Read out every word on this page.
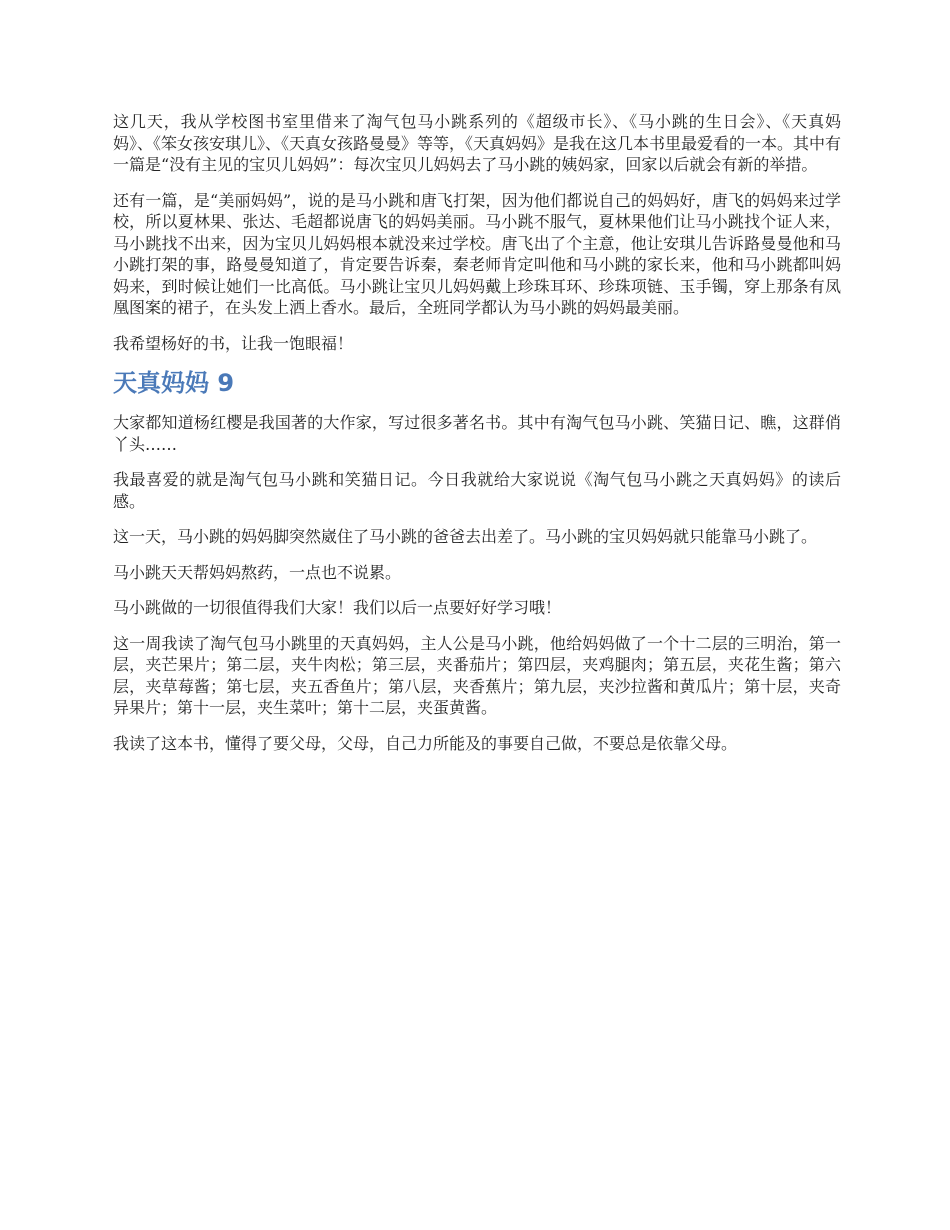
这几天，我从学校图书室里借来了淘气包马小跳系列的《超级市长》、《马小跳的生日会》、《天真妈妈》、《笨女孩安琪儿》、《天真女孩路曼曼》等等，《天真妈妈》是我在这几本书里最爱看的一本。其中有一篇是“没有主见的宝贝儿妈妈”：每次宝贝儿妈妈去了马小跳的姨妈家，回家以后就会有新的举措。

还有一篇，是“美丽妈妈”，说的是马小跳和唐飞打架，因为他们都说自己的妈妈好，唐飞的妈妈来过学校，所以夏林果、张达、毛超都说唐飞的妈妈美丽。马小跳不服气，夏林果他们让马小跳找个证人来，马小跳找不出来，因为宝贝儿妈妈根本就没来过学校。唐飞出了个主意，他让安琪儿告诉路曼曼他和马小跳打架的事，路曼曼知道了，肯定要告诉秦，秦老师肯定叫他和马小跳的家长来，他和马小跳都叫妈妈来，到时候让她们一比高低。马小跳让宝贝儿妈妈戴上珍珠耳环、珍珠项链、玉手镯，穿上那条有凤凰图案的裙子，在头发上洒上香水。最后，全班同学都认为马小跳的妈妈最美丽。

我希望杨好的书，让我一饱眼福！

天真妈妈 9

大家都知道杨红樱是我国著的大作家，写过很多著名书。其中有淘气包马小跳、笑猫日记、瞧，这群俏丫头……

我最喜爱的就是淘气包马小跳和笑猫日记。今日我就给大家说说《淘气包马小跳之天真妈妈》的读后感。

这一天，马小跳的妈妈脚突然崴住了马小跳的爸爸去出差了。马小跳的宝贝妈妈就只能靠马小跳了。

马小跳天天帮妈妈熬药，一点也不说累。

马小跳做的一切很值得我们大家！我们以后一点要好好学习哦！

这一周我读了淘气包马小跳里的天真妈妈，主人公是马小跳，他给妈妈做了一个十二层的三明治，第一层，夹芒果片；第二层，夹牛肉松；第三层，夹番茄片；第四层，夹鸡腿肉；第五层，夹花生酱；第六层，夹草莓酱；第七层，夹五香鱼片；第八层，夹香蕉片；第九层，夹沙拉酱和黄瓜片；第十层，夹奇异果片；第十一层，夹生菜叶；第十二层，夹蛋黄酱。

我读了这本书，懂得了要父母，父母，自己力所能及的事要自己做，不要总是依靠父母。
